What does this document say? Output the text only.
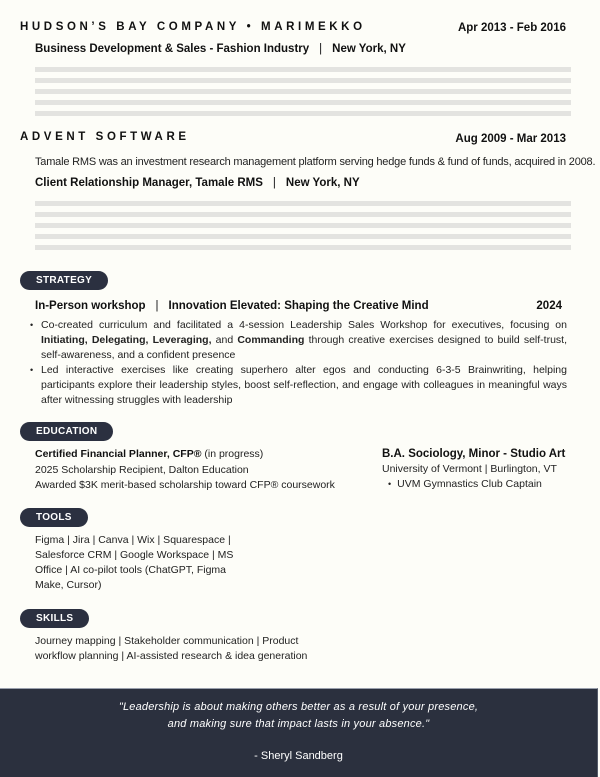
HUDSON’S BAY COMPANY • MARIMEKKO	Apr 2013 - Feb 2016
Business Development & Sales - Fashion Industry | New York, NY
ADVENT SOFTWARE	Aug 2009 - Mar 2013
Tamale RMS was an investment research management platform serving hedge funds & fund of funds, acquired in 2008.
Client Relationship Manager, Tamale RMS | New York, NY
STRATEGY
In-Person workshop | Innovation Elevated: Shaping the Creative Mind	2024
• Co-created curriculum and facilitated a 4-session Leadership Sales Workshop for executives, focusing on Initiating, Delegating, Leveraging, and Commanding through creative exercises designed to build self-trust, self-awareness, and a confident presence
• Led interactive exercises like creating superhero alter egos and conducting 6-3-5 Brainwriting, helping participants explore their leadership styles, boost self-reflection, and engage with colleagues in meaningful ways after witnessing struggles with leadership
EDUCATION
Certified Financial Planner, CFP® (in progress)
2025 Scholarship Recipient, Dalton Education
Awarded $3K merit-based scholarship toward CFP® coursework
B.A. Sociology, Minor - Studio Art
University of Vermont | Burlington, VT
• UVM Gymnastics Club Captain
TOOLS
Figma | Jira | Canva | Wix | Squarespace |
Salesforce CRM | Google Workspace | MS
Office | AI co-pilot tools (ChatGPT, Figma
Make, Cursor)
SKILLS
Journey mapping | Stakeholder communication | Product
workflow planning | AI-assisted research & idea generation
"Leadership is about making others better as a result of your presence,
and making sure that impact lasts in your absence."
- Sheryl Sandberg
